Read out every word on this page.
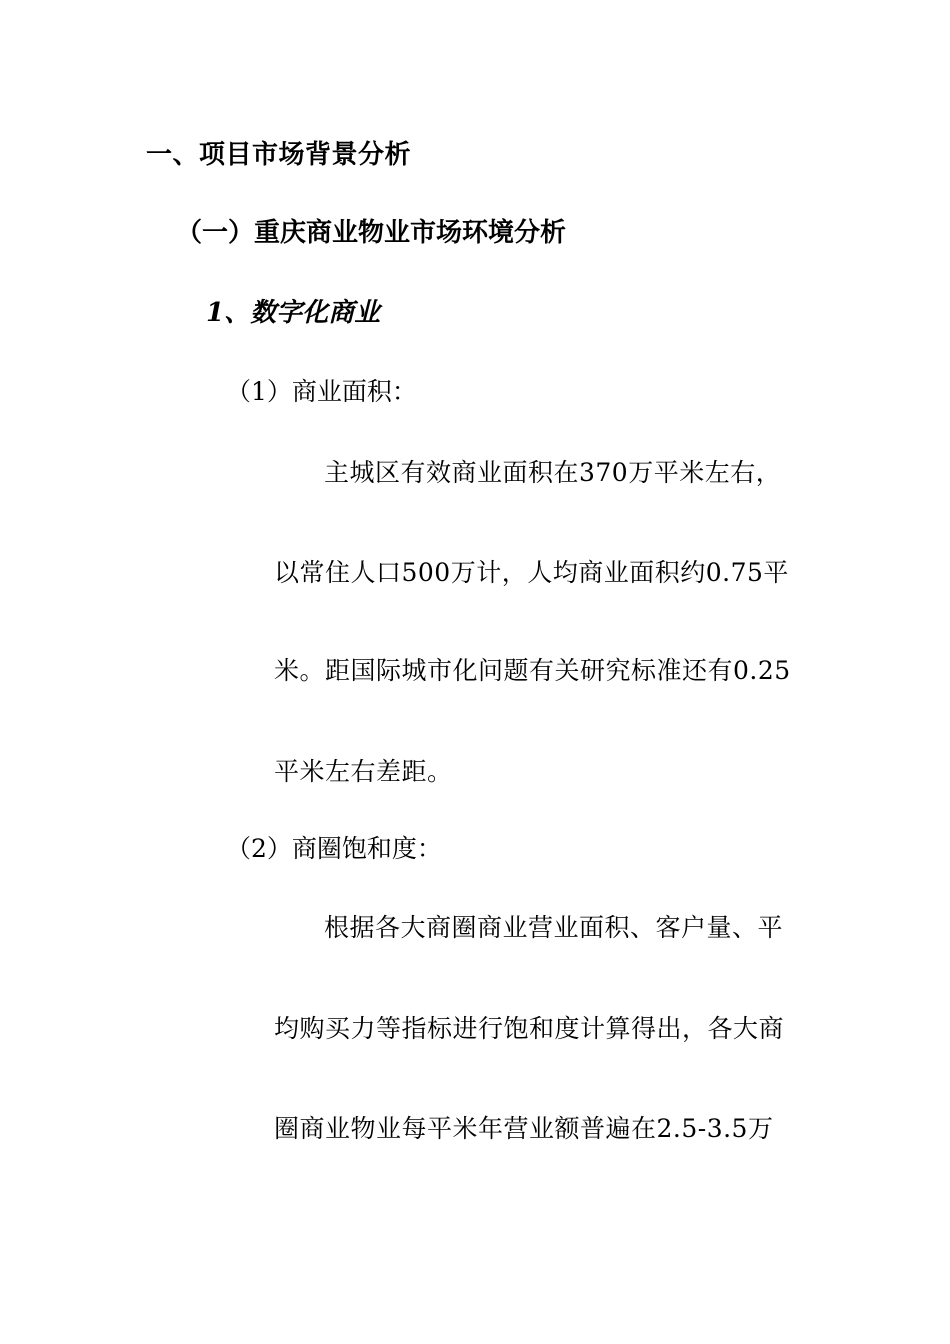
一、项目市场背景分析
（一）重庆商业物业市场环境分析
1、数字化商业
（1）商业面积：
主城区有效商业面积在370万平米左右，
以常住人口500万计，人均商业面积约0.75平
米。距国际城市化问题有关研究标准还有0.25
平米左右差距。
（2）商圈饱和度：
根据各大商圈商业营业面积、客户量、平
均购买力等指标进行饱和度计算得出，各大商
圈商业物业每平米年营业额普遍在2.5-3.5万
